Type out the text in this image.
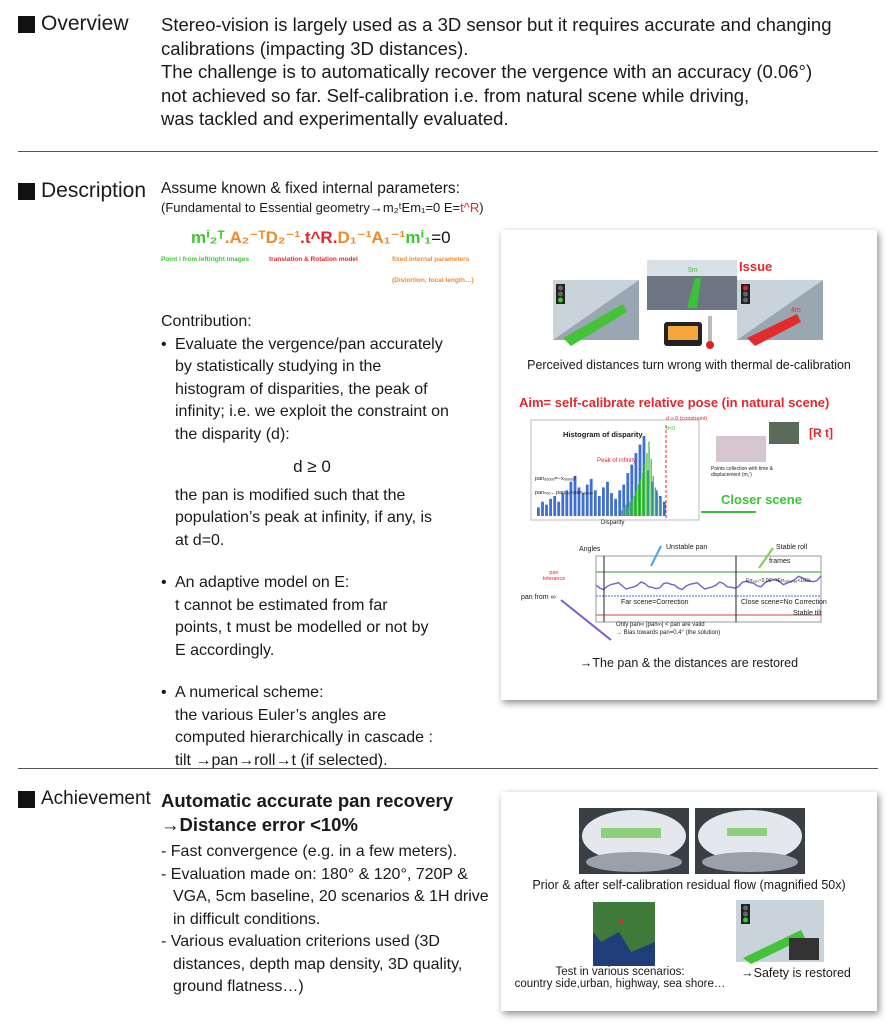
Overview Stereo-vision is largely used as a 3D sensor but it requires accurate and changing

calibrations (impacting 3D distances).

The challenge is to automatically recover the vergence with an accuracy (0.06°)

not achieved so far. Self-calibration i.e. from natural scene while driving,

was tackled and experimentally evaluated.

Description Assume known & fixed internal parameters:
(Fundamental to Essential geometry→m₂ᵗEm₁=0 E=t^R)
mⁱ₂ᵀ.A₂⁻ᵀD₂⁻¹.t^R.D₁⁻¹A₁⁻¹mⁱ₁=0
Point i from left/right images	translation & Rotation model	fixed internal parameters (Distortion, focal length…)
Contribution:
• Evaluate the vergence/pan accurately
by statistically studying in the
histogram of disparities, the peak of
infinity; i.e. we exploit the constraint on
the disparity (d):
d ≥ 0
the pan is modified such that the
population’s peak at infinity, if any, is
at d=0.
• An adaptive model on E:
t cannot be estimated from far
points, t must be modelled or not by
E accordingly.
• A numerical scheme:
the various Euler’s angles are
computed hierarchically in cascade :
tilt →pan→roll→t (if selected).
5m
4m
Issue
Perceived distances turn wrong with thermal de-calibration
Aim= self-calibrate relative pose (in natural scene)
Histogram of disparity
d ≥ 0 (constraint)
d<0
Peak of infinity
panₒₒₒₒₒ=−xₒₒₒₒₒf
panₙₑₒ←panₒₗₔ+panₒₒₒₒₒ
[R t]
Points collection with time & displacement (m₁ⁱ)
Closer scene
Disparity
Angles	Unstable pan	Stable roll
frames
pan tolerance	Errₚₐₙ~0.06°⇒Errₓᵢₛₜₐₙₑₑ<10%
pan from ∞
Far scene=Correction	Close scene=No Correction
Stable tilt
Only pan∞ |pan∞| < pan are valid
→ Bias towards pan=0.4° (the solution)
→The pan & the distances are restored
Achievement Automatic accurate pan recovery
→Distance error <10%
- Fast convergence (e.g. in a few meters).
- Evaluation made on: 180° & 120°, 720P & VGA, 5cm baseline, 20 scenarios & 1H drive in difficult conditions.
- Various evaluation criterions used (3D distances, depth map density, 3D quality, ground flatness…)
Prior & after self-calibration residual flow (magnified 50x)
Test in various scenarios:
country side,urban, highway, sea shore…
→Safety is restored
